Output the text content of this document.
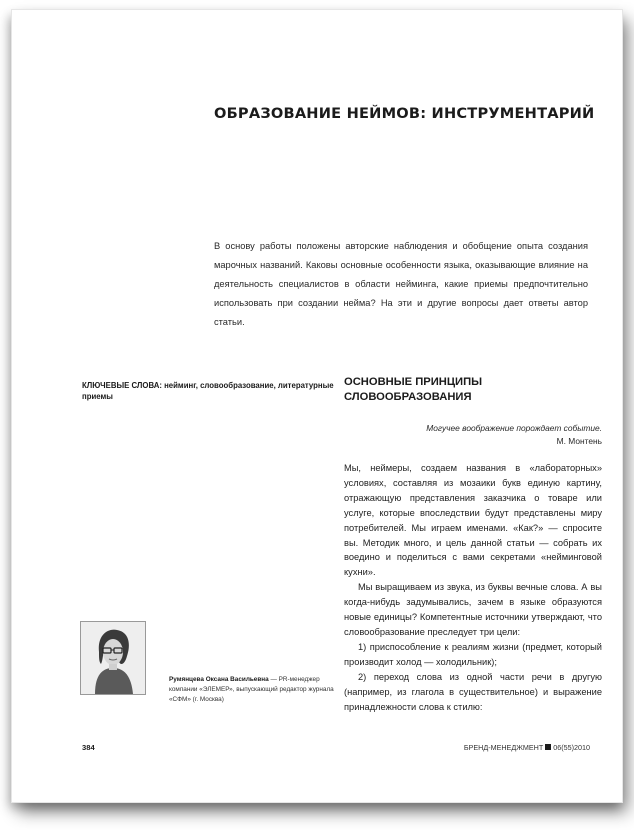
ОБРАЗОВАНИЕ НЕЙМОВ: ИНСТРУМЕНТАРИЙ

В основу работы положены авторские наблюдения и обобщение опыта создания марочных названий. Каковы основные особенности языка, оказывающие влияние на деятельность специалистов в области нейминга, какие приемы предпочтительно использовать при создании нейма? На эти и другие вопросы дает ответы автор статьи.

КЛЮЧЕВЫЕ СЛОВА: нейминг, словообразование, литературные приемы
Румянцева Оксана Васильевна — PR-менеджер компании «ЭЛЕМЕР», выпускающий редактор журнала «СФМ» (г. Москва)
ОСНОВНЫЕ ПРИНЦИПЫ СЛОВООБРАЗОВАНИЯ
Могучее воображение порождает событие.
М. Монтень

Мы, неймеры, создаем названия в «лабораторных» условиях, составляя из мозаики букв единую картину, отражающую представления заказчика о товаре или услуге, которые впоследствии будут представлены миру потребителей. Мы играем именами. «Как?» — спросите вы. Методик много, и цель данной статьи — собрать их воедино и поделиться с вами секретами «нейминговой кухни».

Мы выращиваем из звука, из буквы вечные слова. А вы когда-нибудь задумывались, зачем в языке образуются новые единицы? Компетентные источники утверждают, что словообразование преследует три цели:

1) приспособление к реалиям жизни (предмет, который производит холод — холодильник);

2) переход слова из одной части речи в другую (например, из глагола в существительное) и выражение принадлежности слова к стилю:

384	БРЕНД-МЕНЕДЖМЕНТ 06(55)2010
